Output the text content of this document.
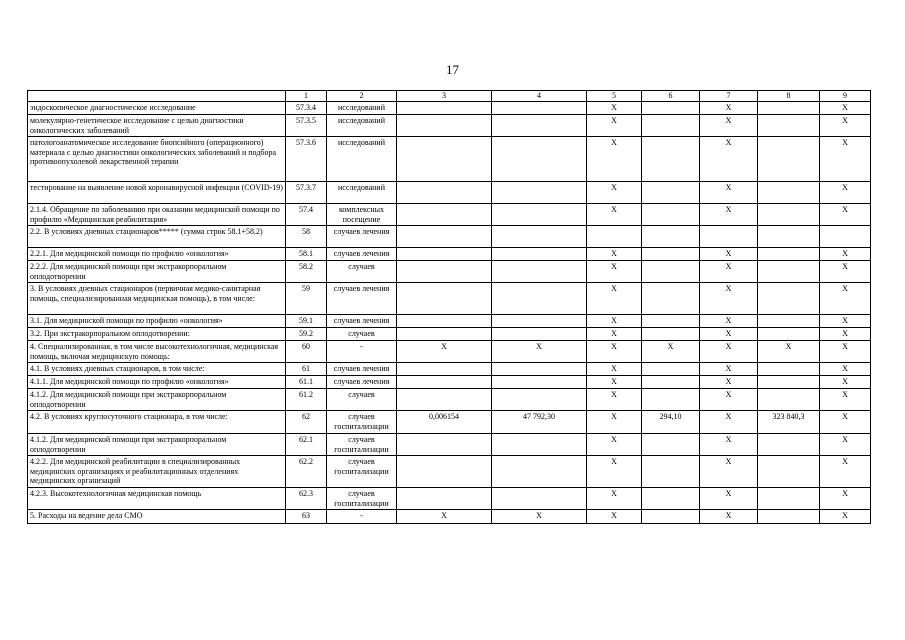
17
	1	2	3	4	5	6	7	8	9
эндоскопическое диагностическое исследование	57.3.4	исследований			X		X		X
молекулярно-генетическое исследование с целью диагностики онкологических заболеваний	57.3.5	исследований			X		X		X
патологоанатомическое исследование биопсийного (операционного) материала с целью диагностики онкологических заболеваний и подбора противоопухолевой лекарственной терапии	57.3.6	исследований			X		X		X
тестирование на выявление новой коронавирусной инфекции (COVID-19)	57.3.7	исследований			X		X		X
2.1.4. Обращение по заболеванию при оказании медицинской помощи по профилю «Медицинская реабилитация»	57.4	комплексных посещение			X		X		X
2.2. В условиях дневных стационаров***** (сумма строк 58.1+58.2)	58	случаев лечения							
2.2.1. Для медицинской помощи по профилю «онкология»	58.1	случаев лечения			X		X		X
2.2.2. Для медицинской помощи при экстракорпоральном оплодотворении	58.2	случаев			X		X		X
3. В условиях дневных стационаров (первичная медико-санитарная помощь, специализированная медицинская помощь), в том числе:	59	случаев лечения			X		X		X
3.1. Для медицинской помощи по профилю «онкология»	59.1	случаев лечения			X		X		X
3.2. При экстракорпоральном оплодотворении:	59.2	случаев			X		X		X
4. Специализированная, в том числе высокотехнологичная, медицинская помощь, включая медицинскую помощь:	60	-	X	X	X	X	X	X	X
4.1. В условиях дневных стационаров, в том числе:	61	случаев лечения			X		X		X
4.1.1. Для медицинской помощи по профилю «онкология»	61.1	случаев лечения			X		X		X
4.1.2. Для медицинской помощи при экстракорпоральном оплодотворении	61.2	случаев			X		X		X
4.2. В условиях круглосуточного стационара, в том числе:	62	случаев госпитализации	0,006154	47 792,30	X	294,10	X	323 840,3	X
4.1.2. Для медицинской помощи при экстракорпоральном оплодотворении	62.1	случаев госпитализации			X		X		X
4.2.2. Для медицинской реабилитации в специализированных медицинских организациях и реабилитационных отделениях медицинских организаций	62.2	случаев госпитализации			X		X		X
4.2.3. Высокотехнологичная медицинская помощь	62.3	случаев госпитализации			X		X		X
5. Расходы на ведение дела СМО	63	-	X	X	X		X		X
